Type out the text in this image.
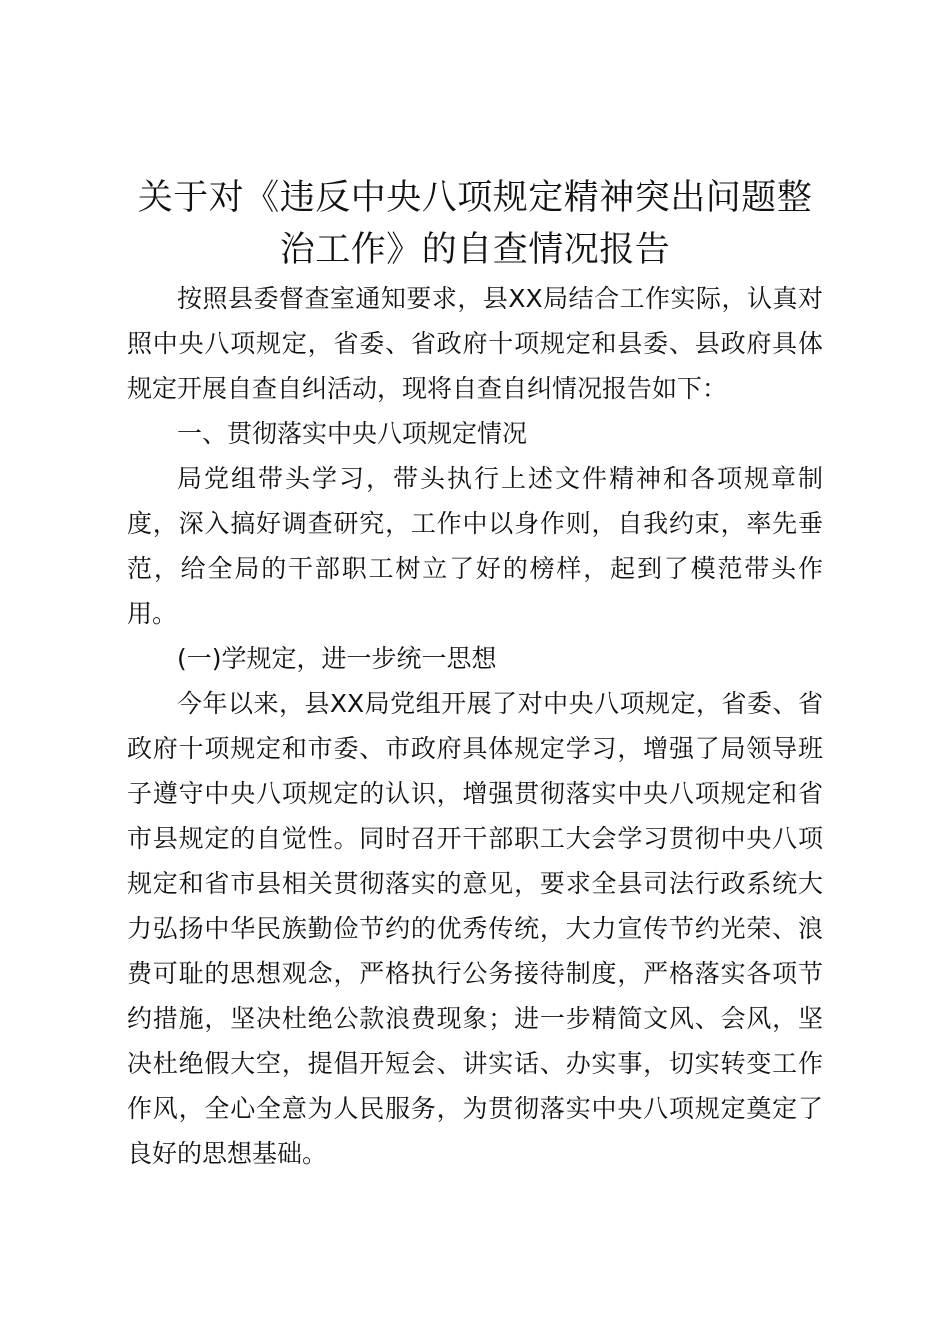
关于对《违反中央八项规定精神突出问题整治工作》的自查情况报告

按照县委督查室通知要求，县XX局结合工作实际，认真对照中央八项规定，省委、省政府十项规定和县委、县政府具体规定开展自查自纠活动，现将自查自纠情况报告如下：

一、贯彻落实中央八项规定情况

局党组带头学习，带头执行上述文件精神和各项规章制度，深入搞好调查研究，工作中以身作则，自我约束，率先垂范，给全局的干部职工树立了好的榜样，起到了模范带头作用。

(一)学规定，进一步统一思想

今年以来，县XX局党组开展了对中央八项规定，省委、省政府十项规定和市委、市政府具体规定学习，增强了局领导班子遵守中央八项规定的认识，增强贯彻落实中央八项规定和省市县规定的自觉性。同时召开干部职工大会学习贯彻中央八项规定和省市县相关贯彻落实的意见，要求全县司法行政系统大力弘扬中华民族勤俭节约的优秀传统，大力宣传节约光荣、浪费可耻的思想观念，严格执行公务接待制度，严格落实各项节约措施，坚决杜绝公款浪费现象；进一步精简文风、会风，坚决杜绝假大空，提倡开短会、讲实话、办实事，切实转变工作作风，全心全意为人民服务，为贯彻落实中央八项规定奠定了良好的思想基础。
